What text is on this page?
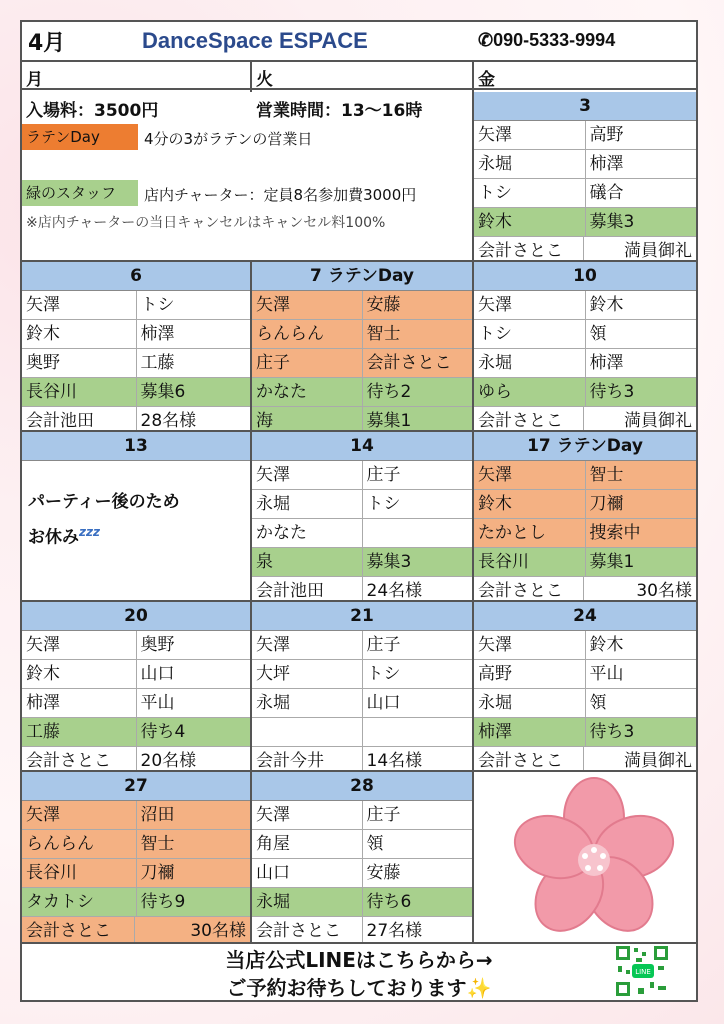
4月	DanceSpace ESPACE	✆090-5333-9994
月	火	金
入場料：3500円	営業時間：13〜16時
ラテンDay	4分の3がラテンの営業日
緑のスタッフ	店内チャーター：定員8名参加費3000円
※店内チャーターの当日キャンセルはキャンセル料100%
3
矢澤	高野
永堀	柿澤
トシ	礒合
鈴木	募集3
会計さとこ	満員御礼
6
矢澤	トシ
鈴木	柿澤
奥野	工藤
長谷川	募集6
会計池田	28名様
7 ラテンDay
矢澤	安藤
らんらん	智士
庄子	会計さとこ
かなた	待ち2
海	募集1
10
矢澤	鈴木
トシ	領
永堀	柿澤
ゆら	待ち3
会計さとこ	満員御礼
13
パーティー後のため
お休み$^{zzz}$
14
矢澤	庄子
永堀	トシ
かなた
泉	募集3
会計池田	24名様
17 ラテンDay
矢澤	智士
鈴木	刀禰
たかとし	捜索中
長谷川	募集1
会計さとこ	30名様
20
矢澤	奥野
鈴木	山口
柿澤	平山
工藤	待ち4
会計さとこ	20名様
21
矢澤	庄子
大坪	トシ
永堀	山口
会計今井	14名様
24
矢澤	鈴木
高野	平山
永堀	領
柿澤	待ち3
会計さとこ	満員御礼
27
矢澤	沼田
らんらん	智士
長谷川	刀禰
タカトシ	待ち9
会計さとこ	30名様
28
矢澤	庄子
角屋	領
山口	安藤
永堀	待ち6
会計さとこ	27名様
当店公式LINEはこちらから→
ご予約お待ちしております✨
LINE
